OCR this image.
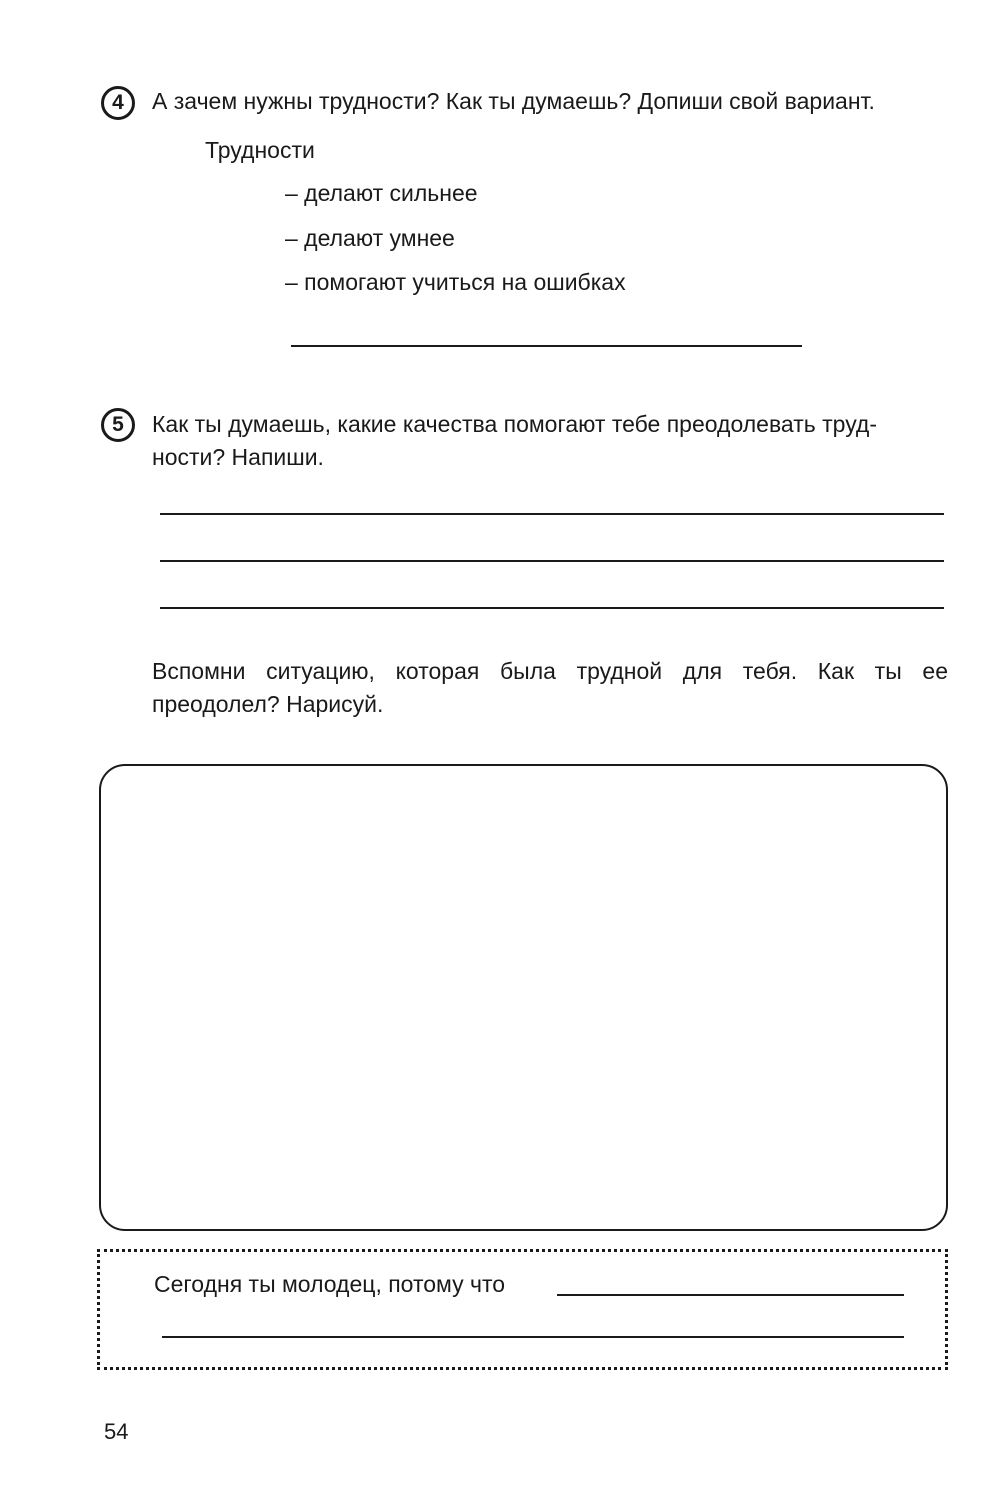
4	А зачем нужны трудности? Как ты думаешь? Допиши свой вариант.
Трудности
– делают сильнее
– делают умнее
– помогают учиться на ошибках
5	Как ты думаешь, какие качества помогают тебе преодолевать труд-
ности? Напиши.
Вспомни ситуацию, которая была трудной для тебя. Как ты ее
преодолел? Нарисуй.
Сегодня ты молодец, потому что
54
